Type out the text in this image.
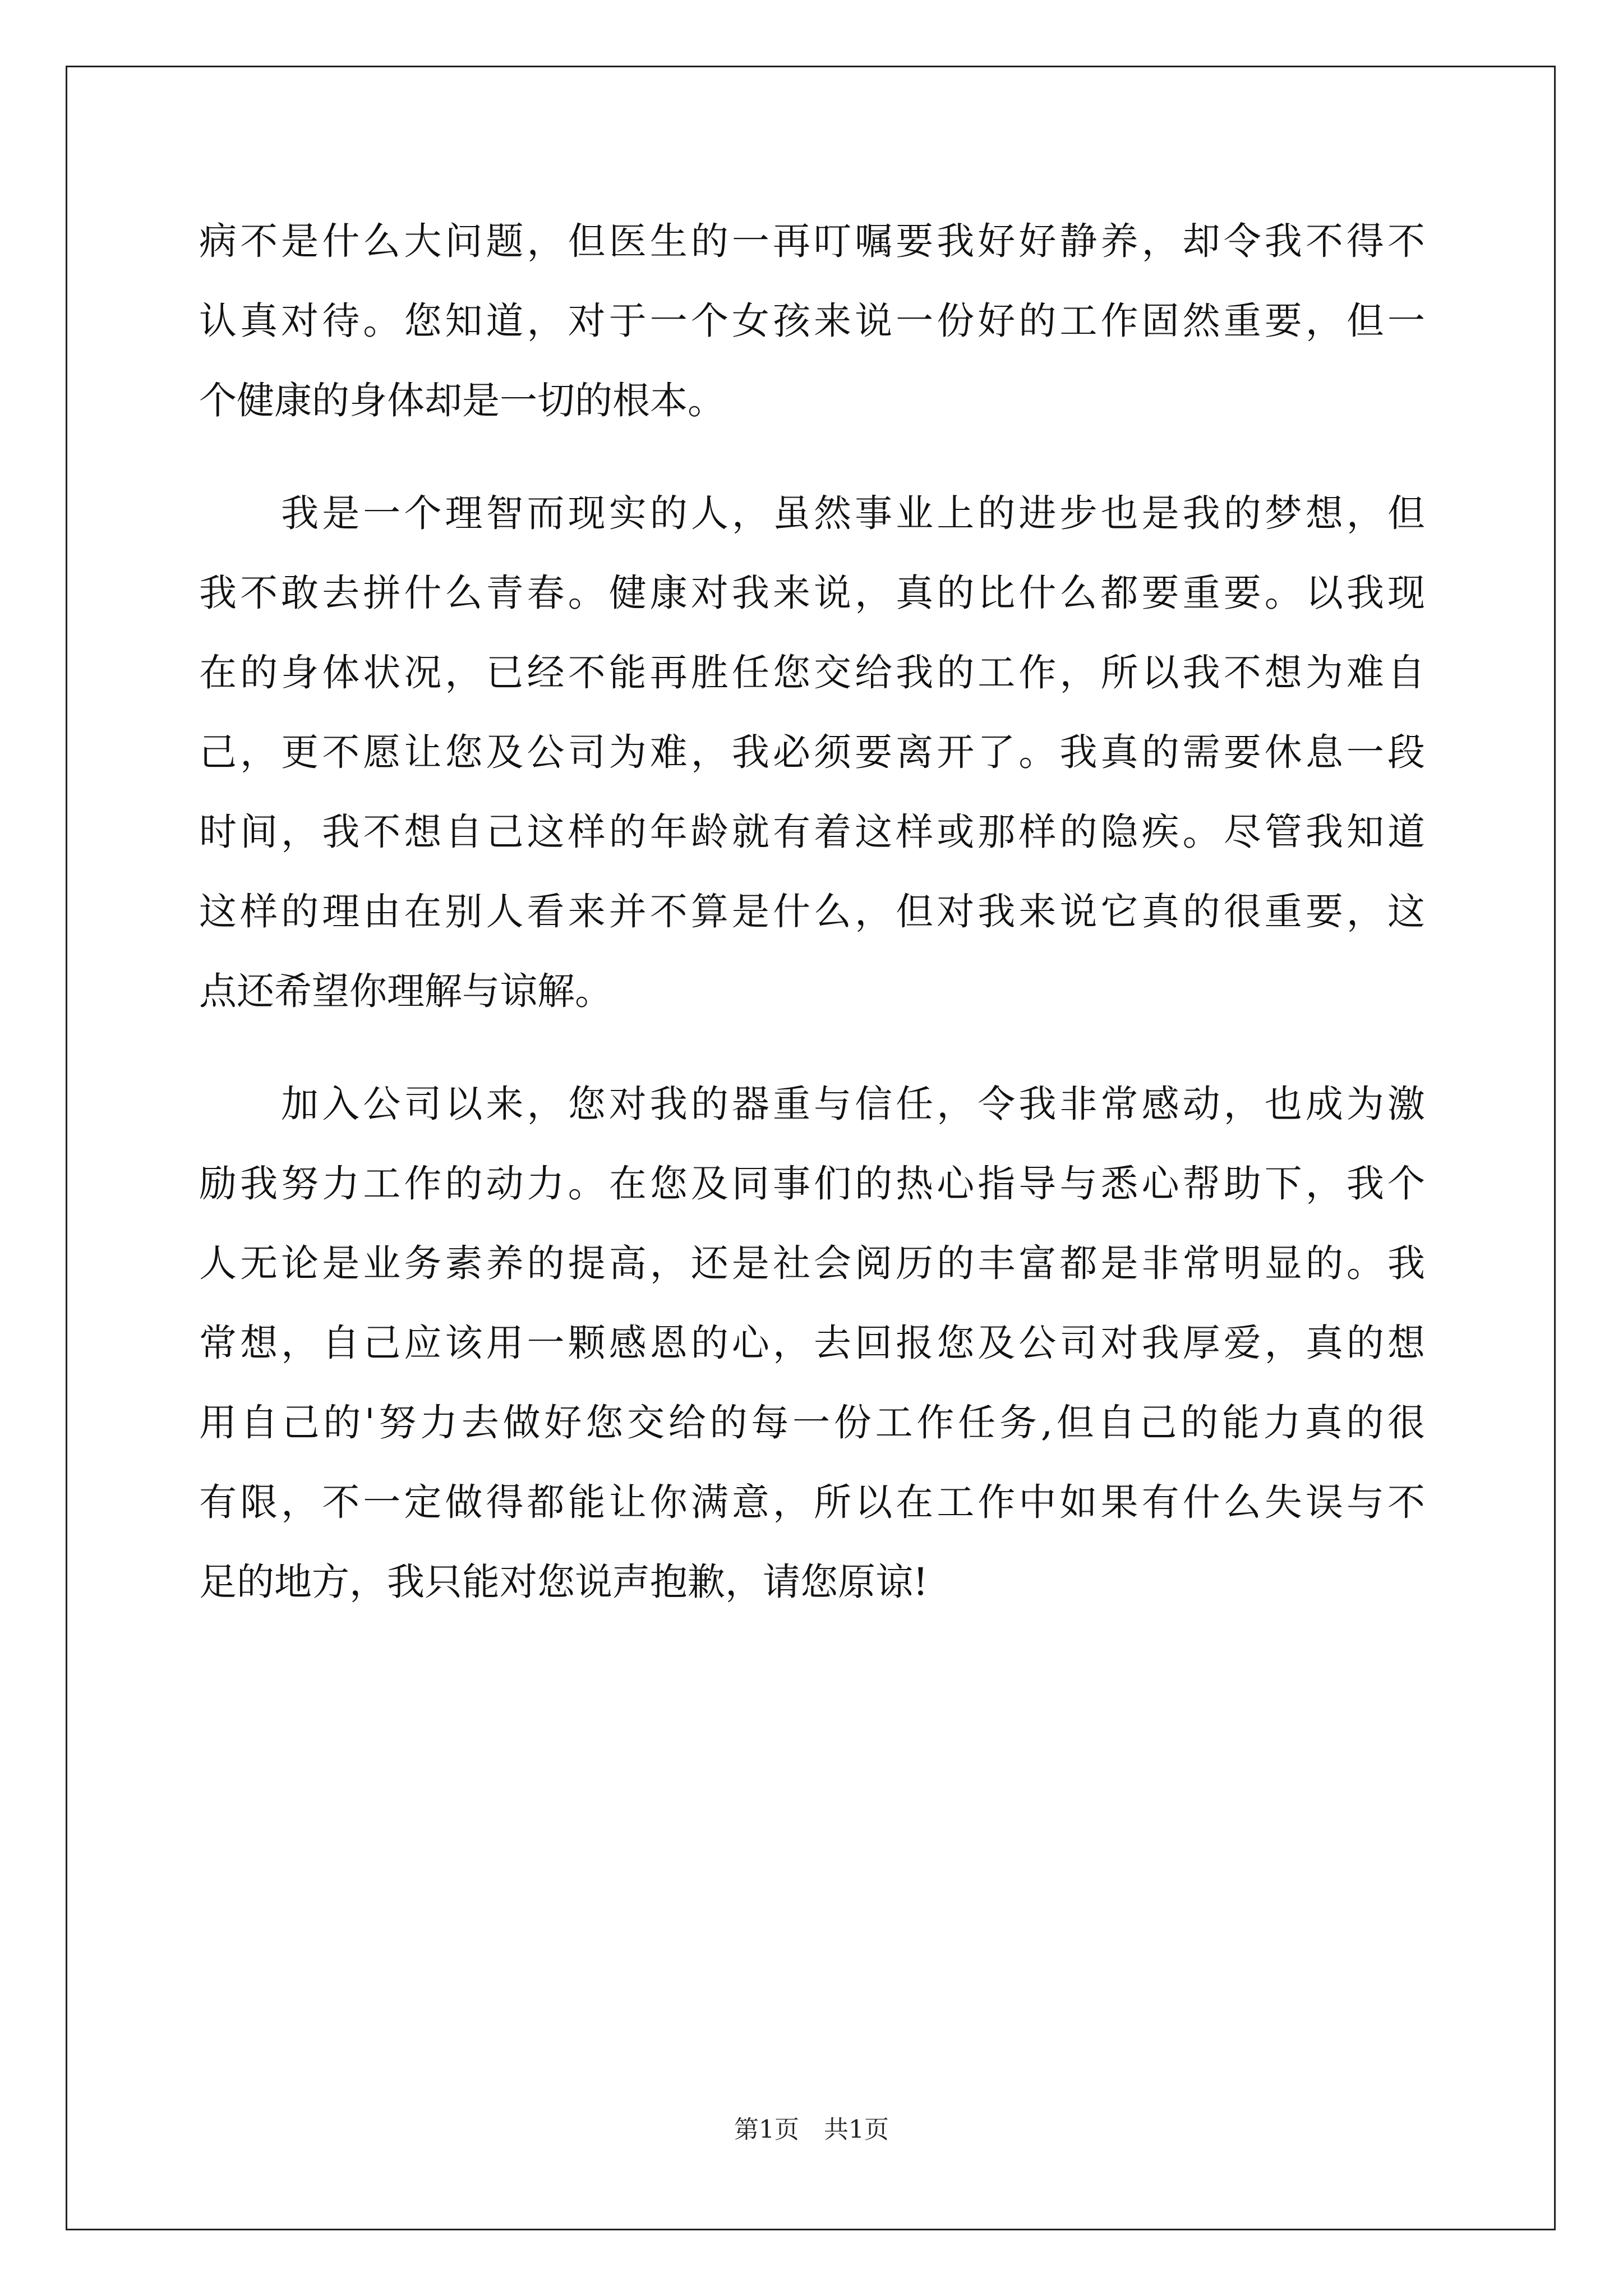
病不是什么大问题，但医生的一再叮嘱要我好好静养，却令我不得不
认真对待。您知道，对于一个女孩来说一份好的工作固然重要，但一
个健康的身体却是一切的根本。
　　我是一个理智而现实的人，虽然事业上的进步也是我的梦想，但
我不敢去拼什么青春。健康对我来说，真的比什么都要重要。以我现
在的身体状况，已经不能再胜任您交给我的工作，所以我不想为难自
己，更不愿让您及公司为难，我必须要离开了。我真的需要休息一段
时间，我不想自己这样的年龄就有着这样或那样的隐疾。尽管我知道
这样的理由在别人看来并不算是什么，但对我来说它真的很重要，这
点还希望你理解与谅解。
　　加入公司以来，您对我的器重与信任，令我非常感动，也成为激
励我努力工作的动力。在您及同事们的热心指导与悉心帮助下，我个
人无论是业务素养的提高，还是社会阅历的丰富都是非常明显的。我
常想，自己应该用一颗感恩的心，去回报您及公司对我厚爱，真的想
用自己的'努力去做好您交给的每一份工作任务,但自己的能力真的很
有限，不一定做得都能让你满意，所以在工作中如果有什么失误与不
足的地方，我只能对您说声抱歉，请您原谅!
第1页　共1页
